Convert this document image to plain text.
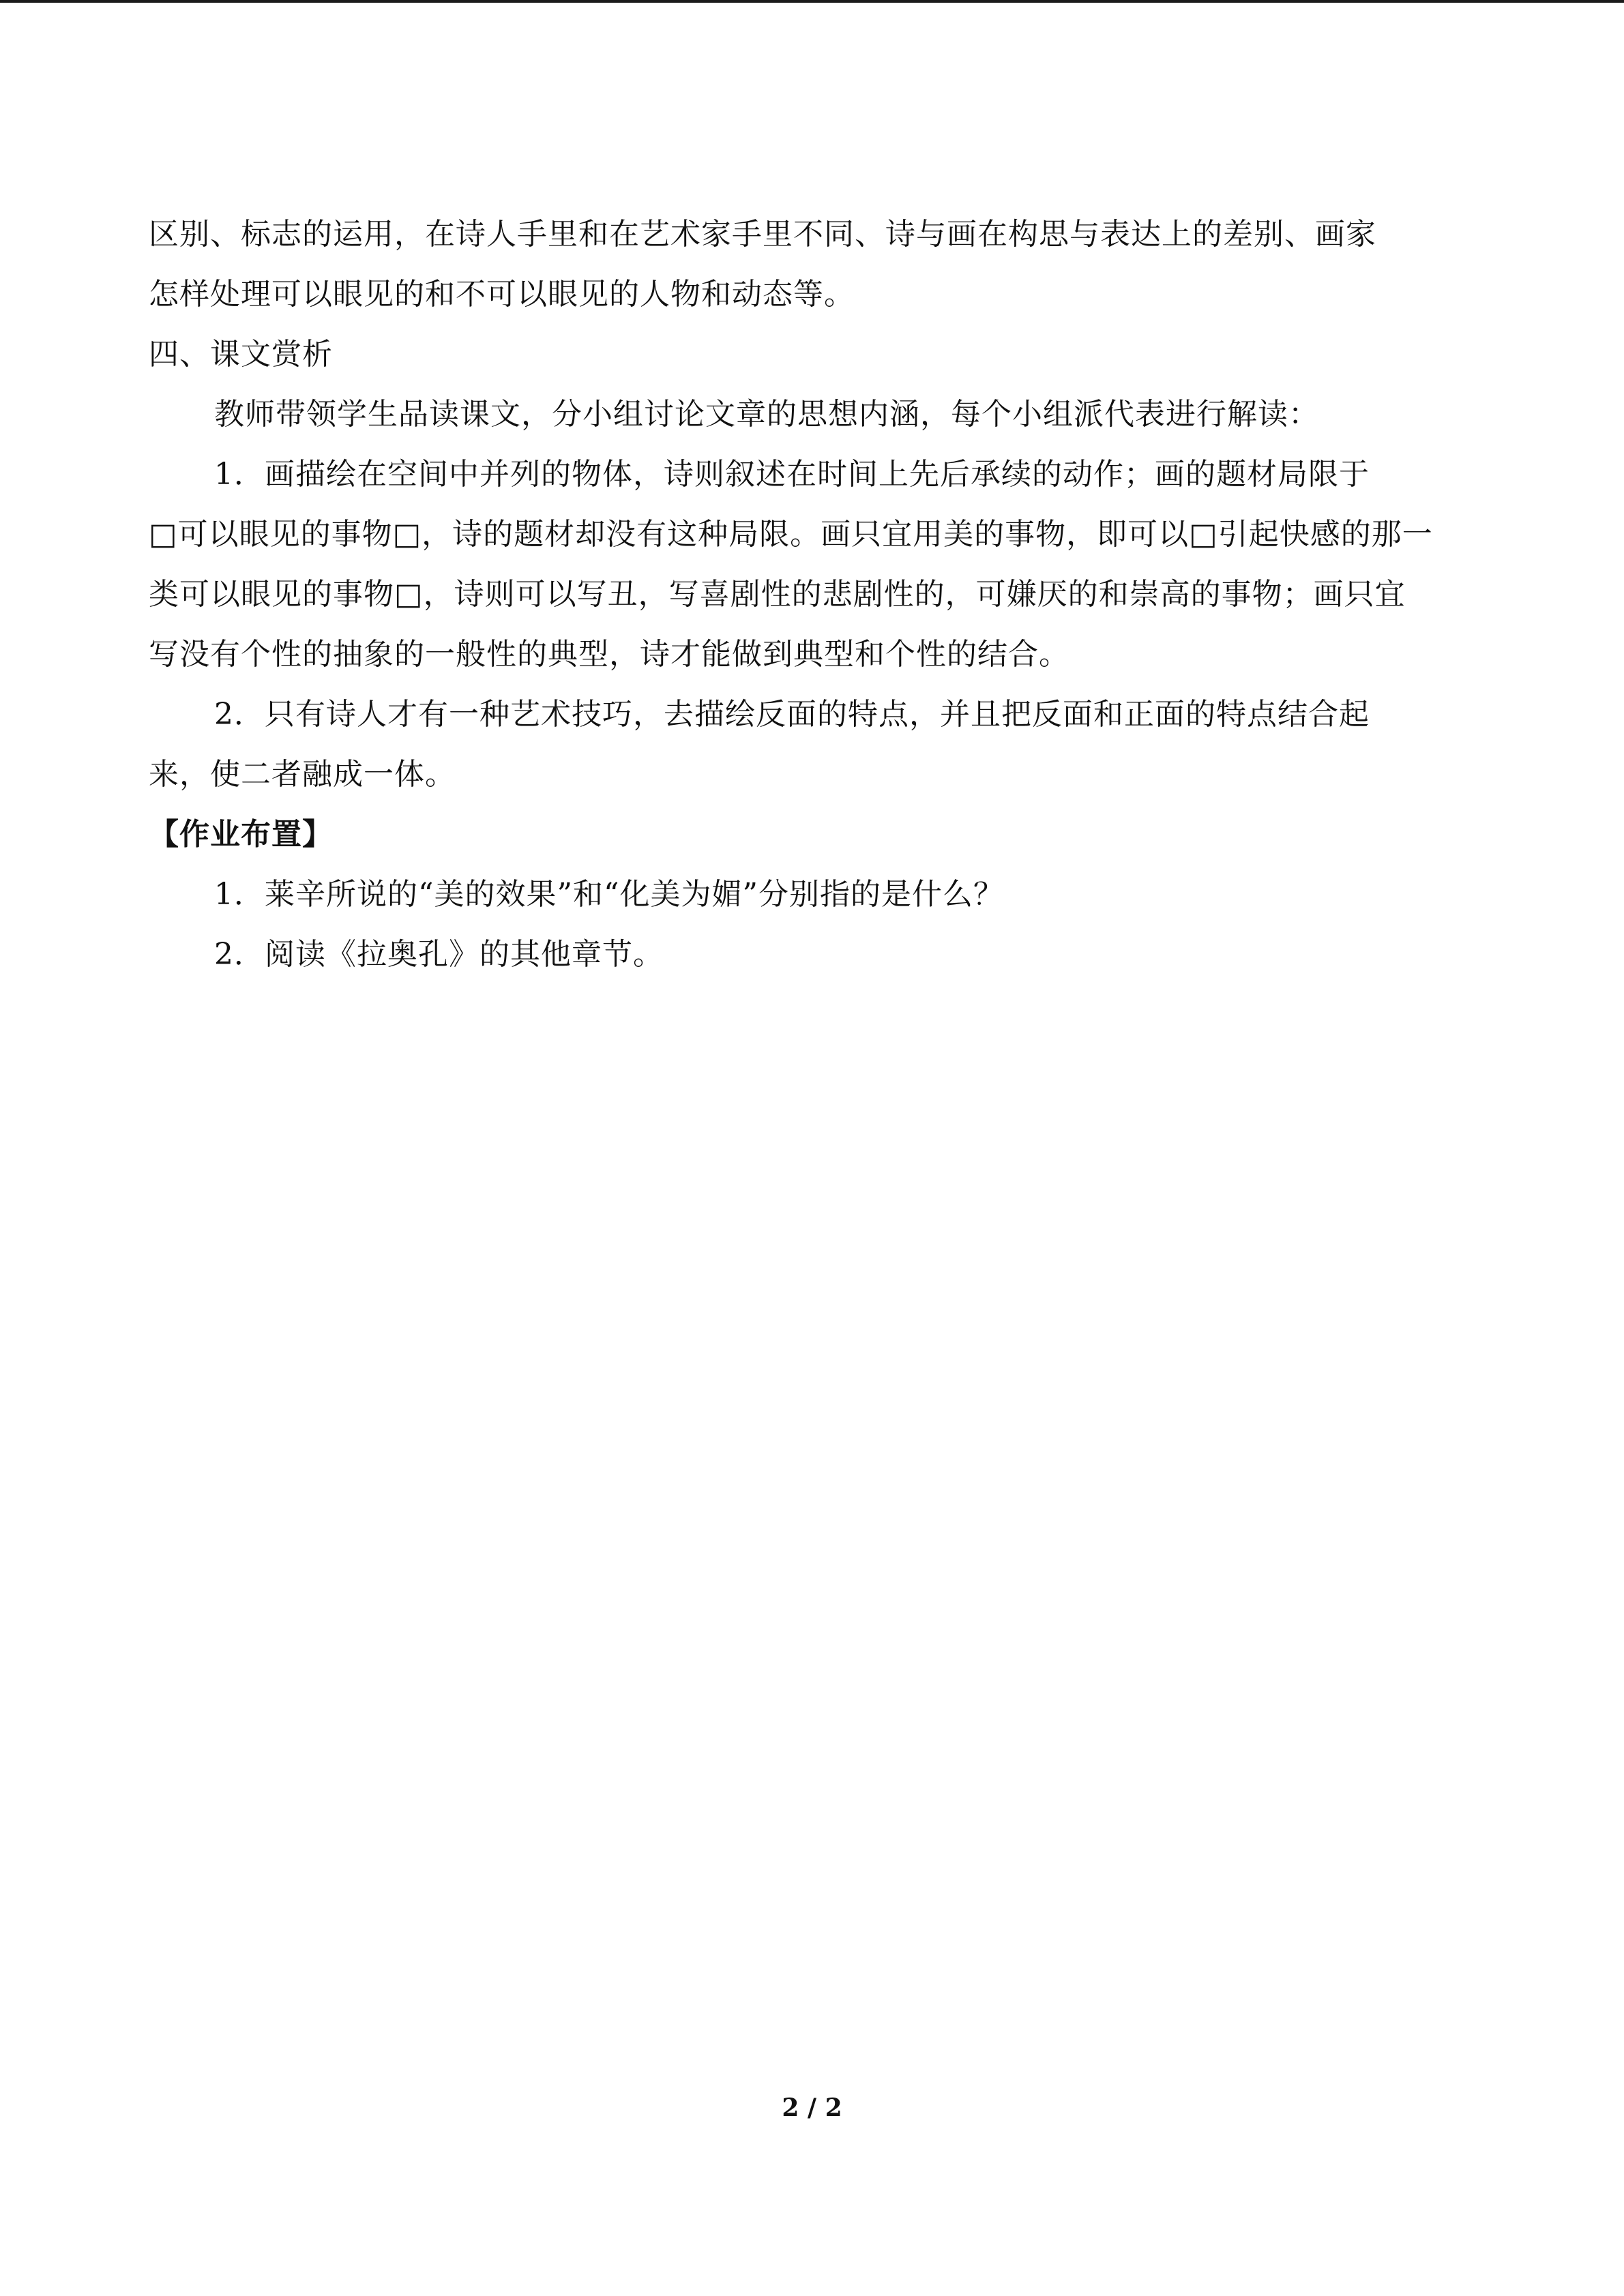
区别、标志的运用，在诗人手里和在艺术家手里不同、诗与画在构思与表达上的差别、画家
怎样处理可以眼见的和不可以眼见的人物和动态等。
四、课文赏析
教师带领学生品读课文，分小组讨论文章的思想内涵，每个小组派代表进行解读：
1．画描绘在空间中并列的物体，诗则叙述在时间上先后承续的动作；画的题材局限于
□可以眼见的事物□，诗的题材却没有这种局限。画只宜用美的事物，即可以□引起快感的那一
类可以眼见的事物□，诗则可以写丑，写喜剧性的悲剧性的，可嫌厌的和崇高的事物；画只宜
写没有个性的抽象的一般性的典型，诗才能做到典型和个性的结合。
2．只有诗人才有一种艺术技巧，去描绘反面的特点，并且把反面和正面的特点结合起
来，使二者融成一体。
【作业布置】
1．莱辛所说的“美的效果”和“化美为媚”分别指的是什么？
2．阅读《拉奥孔》的其他章节。
2 / 2
